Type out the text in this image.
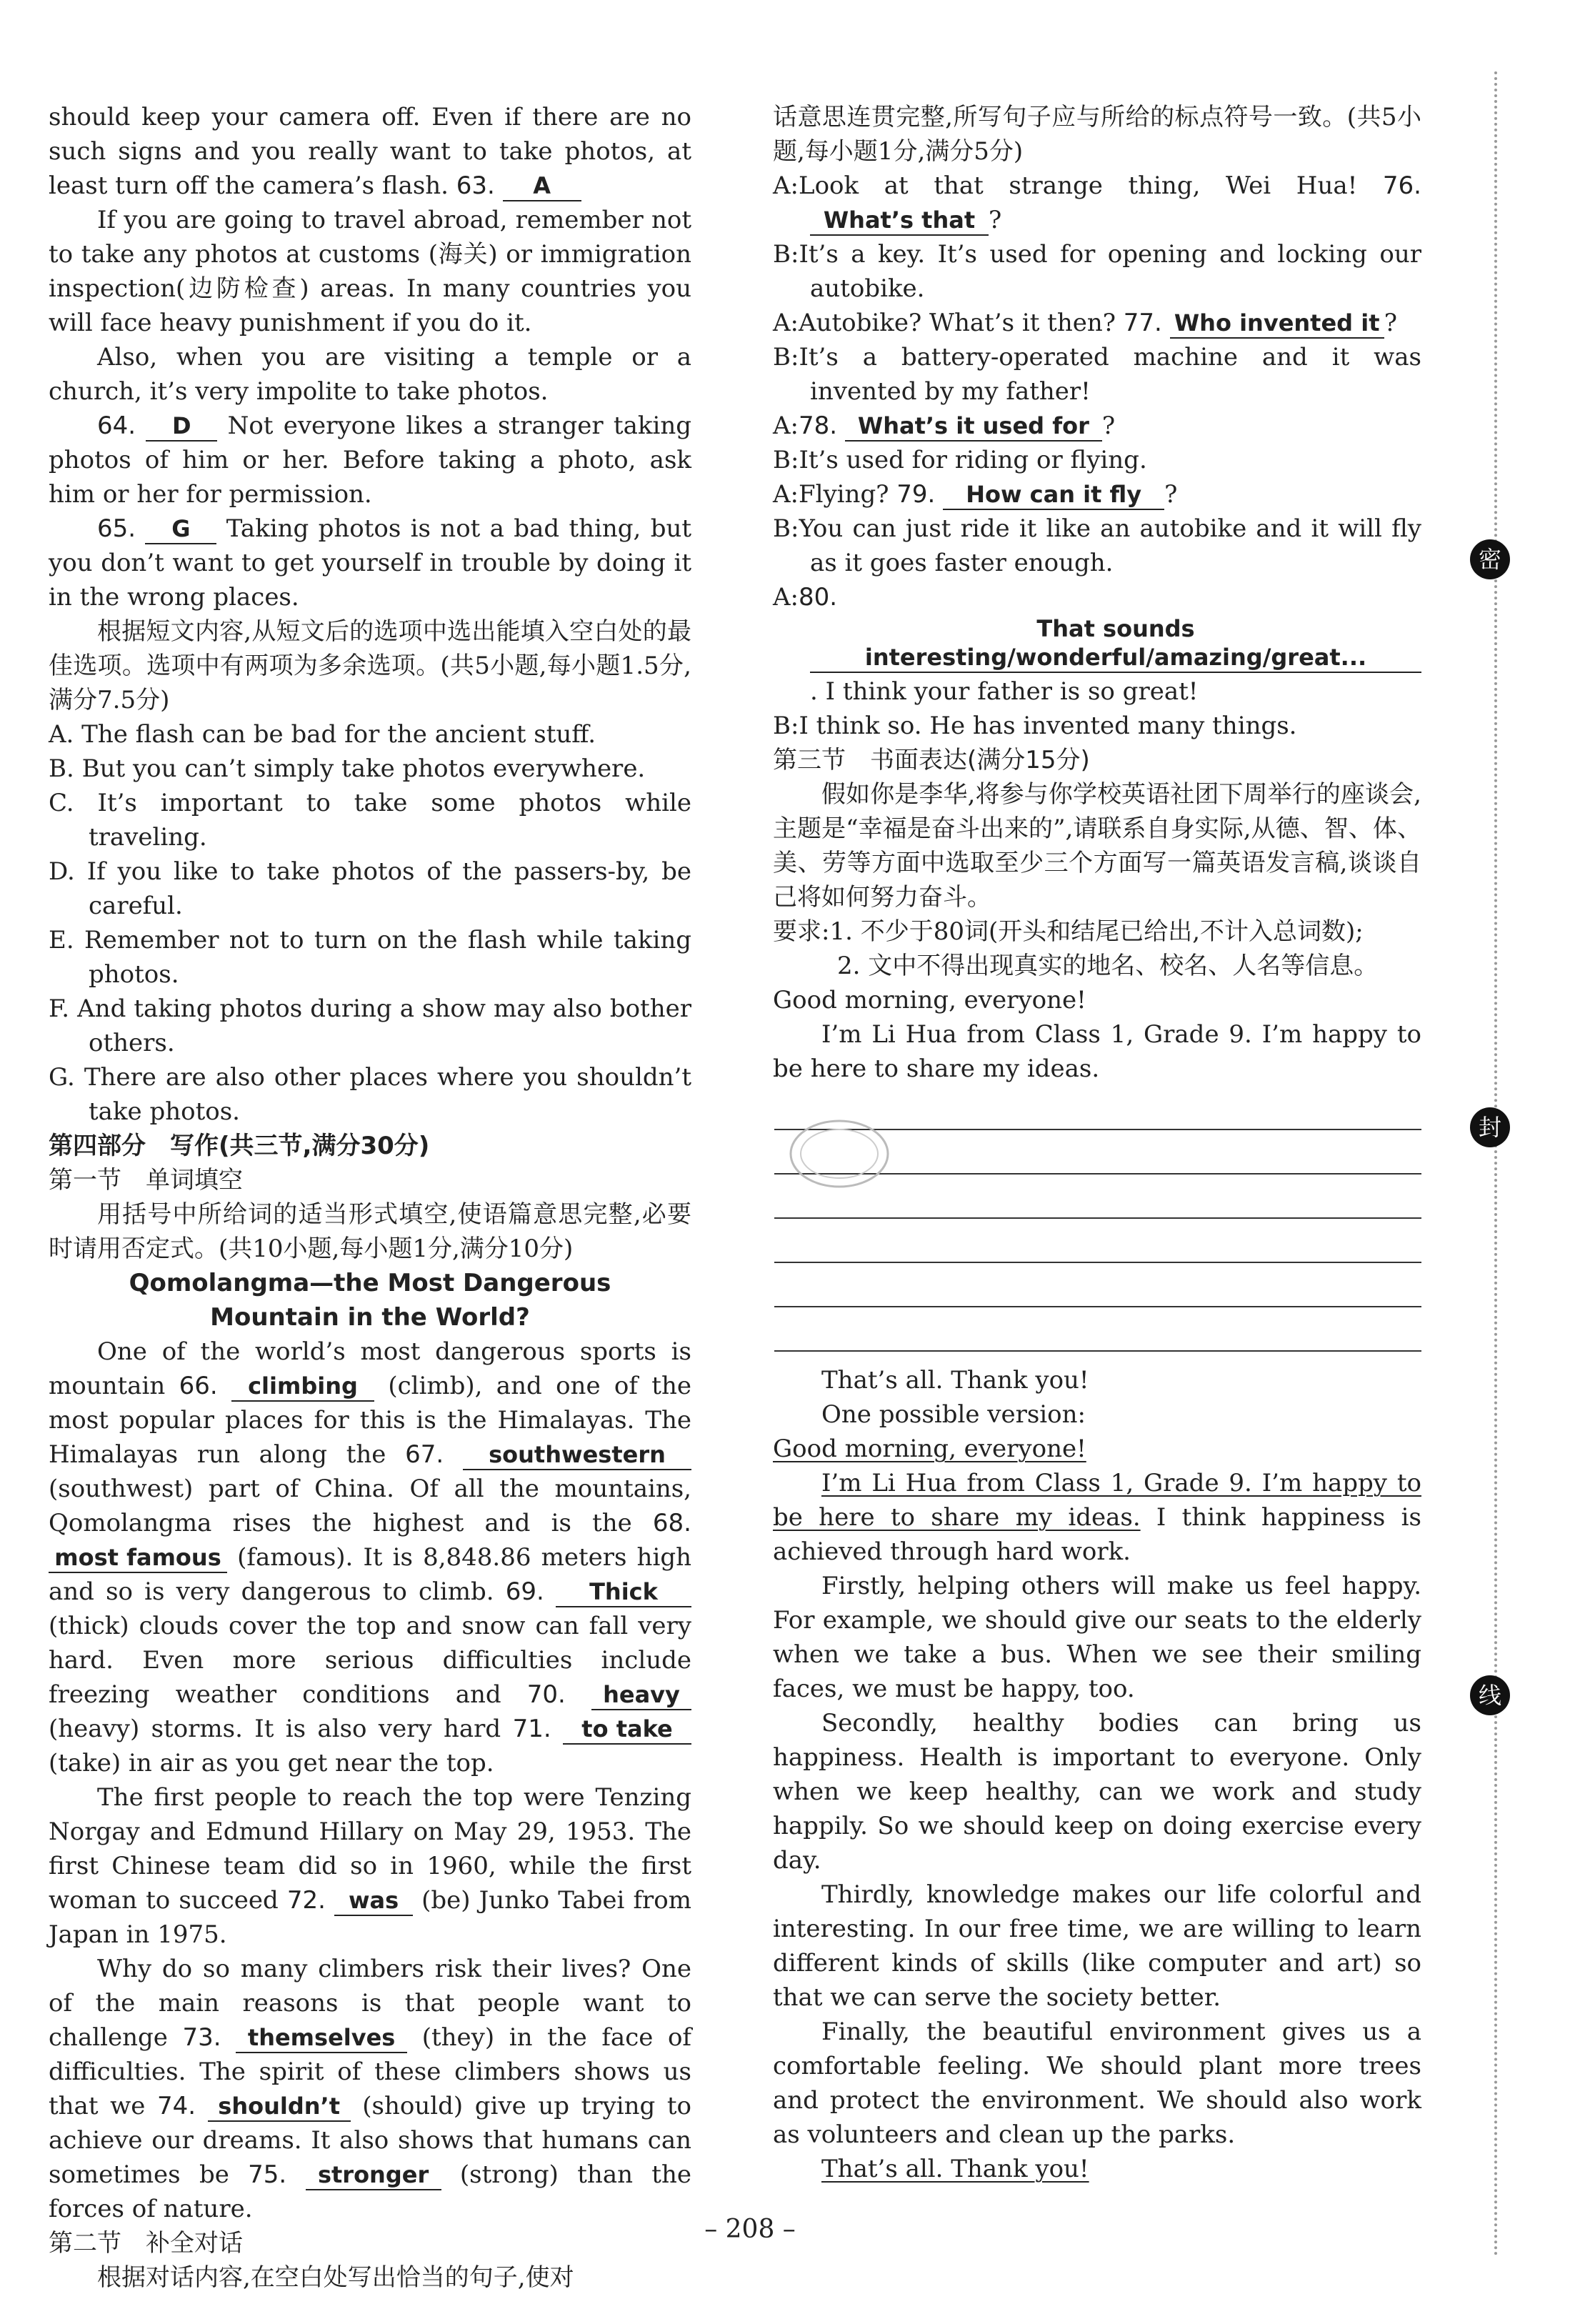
should keep your camera off. Even if there are no such signs and you really want to take photos, at least turn off the camera’s flash. 63. A

If you are going to travel abroad, remember not to take any photos at customs (海关) or immigration inspection(边防检查) areas. In many countries you will face heavy punishment if you do it.

Also, when you are visiting a temple or a church, it’s very impolite to take photos.

64. D Not everyone likes a stranger taking photos of him or her. Before taking a photo, ask him or her for permission.

65. G Taking photos is not a bad thing, but you don’t want to get yourself in trouble by doing it in the wrong places.

根据短文内容,从短文后的选项中选出能填入空白处的最佳选项。选项中有两项为多余选项。(共5小题,每小题1.5分,满分7.5分)

A. The flash can be bad for the ancient stuff.

B. But you can’t simply take photos everywhere.

C. It’s important to take some photos while traveling.

D. If you like to take photos of the passers-by, be careful.

E. Remember not to turn on the flash while taking photos.

F. And taking photos during a show may also bother others.

G. There are also other places where you shouldn’t take photos.

第四部分　写作(共三节,满分30分)

第一节　单词填空

用括号中所给词的适当形式填空,使语篇意思完整,必要时请用否定式。(共10小题,每小题1分,满分10分)

Qomolangma—the Most Dangerous

Mountain in the World?

One of the world’s most dangerous sports is mountain 66. climbing (climb), and one of the most popular places for this is the Himalayas. The Himalayas run along the 67. southwestern (southwest) part of China. Of all the mountains, Qomolangma rises the highest and is the 68. most famous (famous). It is 8,848.86 meters high and so is very dangerous to climb. 69. Thick (thick) clouds cover the top and snow can fall very hard. Even more serious difficulties include freezing weather conditions and 70. heavy (heavy) storms. It is also very hard 71. to take (take) in air as you get near the top.

The first people to reach the top were Tenzing Norgay and Edmund Hillary on May 29, 1953. The first Chinese team did so in 1960, while the first woman to succeed 72. was (be) Junko Tabei from Japan in 1975.

Why do so many climbers risk their lives? One of the main reasons is that people want to challenge 73. themselves (they) in the face of difficulties. The spirit of these climbers shows us that we 74. shouldn’t (should) give up trying to achieve our dreams. It also shows that humans can sometimes be 75. stronger (strong) than the forces of nature.

第二节　补全对话

根据对话内容,在空白处写出恰当的句子,使对

话意思连贯完整,所写句子应与所给的标点符号一致。(共5小题,每小题1分,满分5分)

A:Look at that strange thing, Wei Hua! 76. What’s that ?

B:It’s a key. It’s used for opening and locking our autobike.

A:Autobike? What’s it then? 77. Who invented it ?

B:It’s a battery-operated machine and it was invented by my father!

A:78. What’s it used for ?

B:It’s used for riding or flying.

A:Flying? 79. How can it fly ?

B:You can just ride it like an autobike and it will fly as it goes faster enough.

A:80. That sounds interesting/wonderful/amazing/great.... I think your father is so great!

B:I think so. He has invented many things.

第三节　书面表达(满分15分)

假如你是李华,将参与你学校英语社团下周举行的座谈会,主题是“幸福是奋斗出来的”,请联系自身实际,从德、智、体、美、劳等方面中选取至少三个方面写一篇英语发言稿,谈谈自己将如何努力奋斗。

要求:1. 不少于80词(开头和结尾已给出,不计入总词数);

2. 文中不得出现真实的地名、校名、人名等信息。

Good morning, everyone!

I’m Li Hua from Class 1, Grade 9. I’m happy to be here to share my ideas.

That’s all. Thank you!

One possible version:

Good morning, everyone!

I’m Li Hua from Class 1, Grade 9. I’m happy to be here to share my ideas. I think happiness is achieved through hard work.

Firstly, helping others will make us feel happy. For example, we should give our seats to the elderly when we take a bus. When we see their smiling faces, we must be happy, too.

Secondly, healthy bodies can bring us happiness. Health is important to everyone. Only when we keep healthy, can we work and study happily. So we should keep on doing exercise every day.

Thirdly, knowledge makes our life colorful and interesting. In our free time, we are willing to learn different kinds of skills (like computer and art) so that we can serve the society better.

Finally, the beautiful environment gives us a comfortable feeling. We should plant more trees and protect the environment. We should also work as volunteers and clean up the parks.

That’s all. Thank you!

密
封
线
– 208 –
